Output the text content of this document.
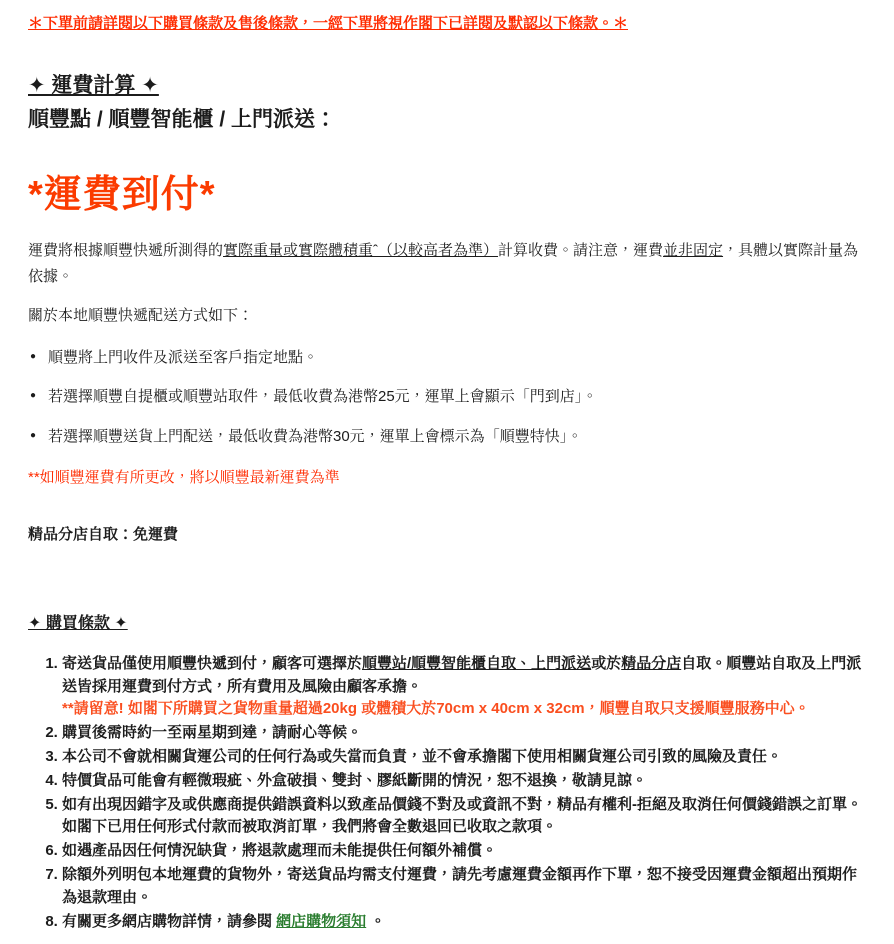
＊下單前請詳閱以下購買條款及售後條款，一經下單將視作閣下已詳閱及默認以下條款。＊

✦ 運費計算 ✦
順豐點 / 順豐智能櫃 / 上門派送：
*運費到付*

運費將根據順豐快遞所測得的實際重量或實際體積重ˆ（以較高者為準）計算收費。請注意，運費並非固定，具體以實際計量為依據。

關於本地順豐快遞配送方式如下：

● 順豐將上門收件及派送至客戶指定地點。
● 若選擇順豐自提櫃或順豐站取件，最低收費為港幣25元，運單上會顯示「門到店」。
● 若選擇順豐送貨上門配送，最低收費為港幣30元，運單上會標示為「順豐特快」。

**如順豐運費有所更改，將以順豐最新運費為準

精品分店自取：免運費

✦ 購買條款 ✦
1. 寄送貨品僅使用順豐快遞到付，顧客可選擇於順豐站/順豐智能櫃自取、上門派送或於精品分店自取。順豐站自取及上門派送皆採用運費到付方式，所有費用及風險由顧客承擔。
**請留意! 如閣下所購買之貨物重量超過20kg 或體積大於70cm x 40cm x 32cm，順豐自取只支援順豐服務中心。
2. 購買後需時約一至兩星期到達，請耐心等候。
3. 本公司不會就相關貨運公司的任何行為或失當而負責，並不會承擔閣下使用相關貨運公司引致的風險及責任。
4. 特價貨品可能會有輕微瑕疵、外盒破損、雙封、膠紙斷開的情況，恕不退換，敬請見諒。
5. 如有出現因錯字及或供應商提供錯誤資料以致產品價錢不對及或資訊不對，精品有權利-拒絕及取消任何價錢錯誤之訂單。如閣下已用任何形式付款而被取消訂單，我們將會全數退回已收取之款項。
6. 如遇產品因任何情況缺貨，將退款處理而未能提供任何額外補償。
7. 除額外列明包本地運費的貨物外，寄送貨品均需支付運費，請先考慮運費金額再作下單，恕不接受因運費金額超出預期作為退款理由。
8. 有關更多網店購物詳情，請參閱 網店購物須知 。
